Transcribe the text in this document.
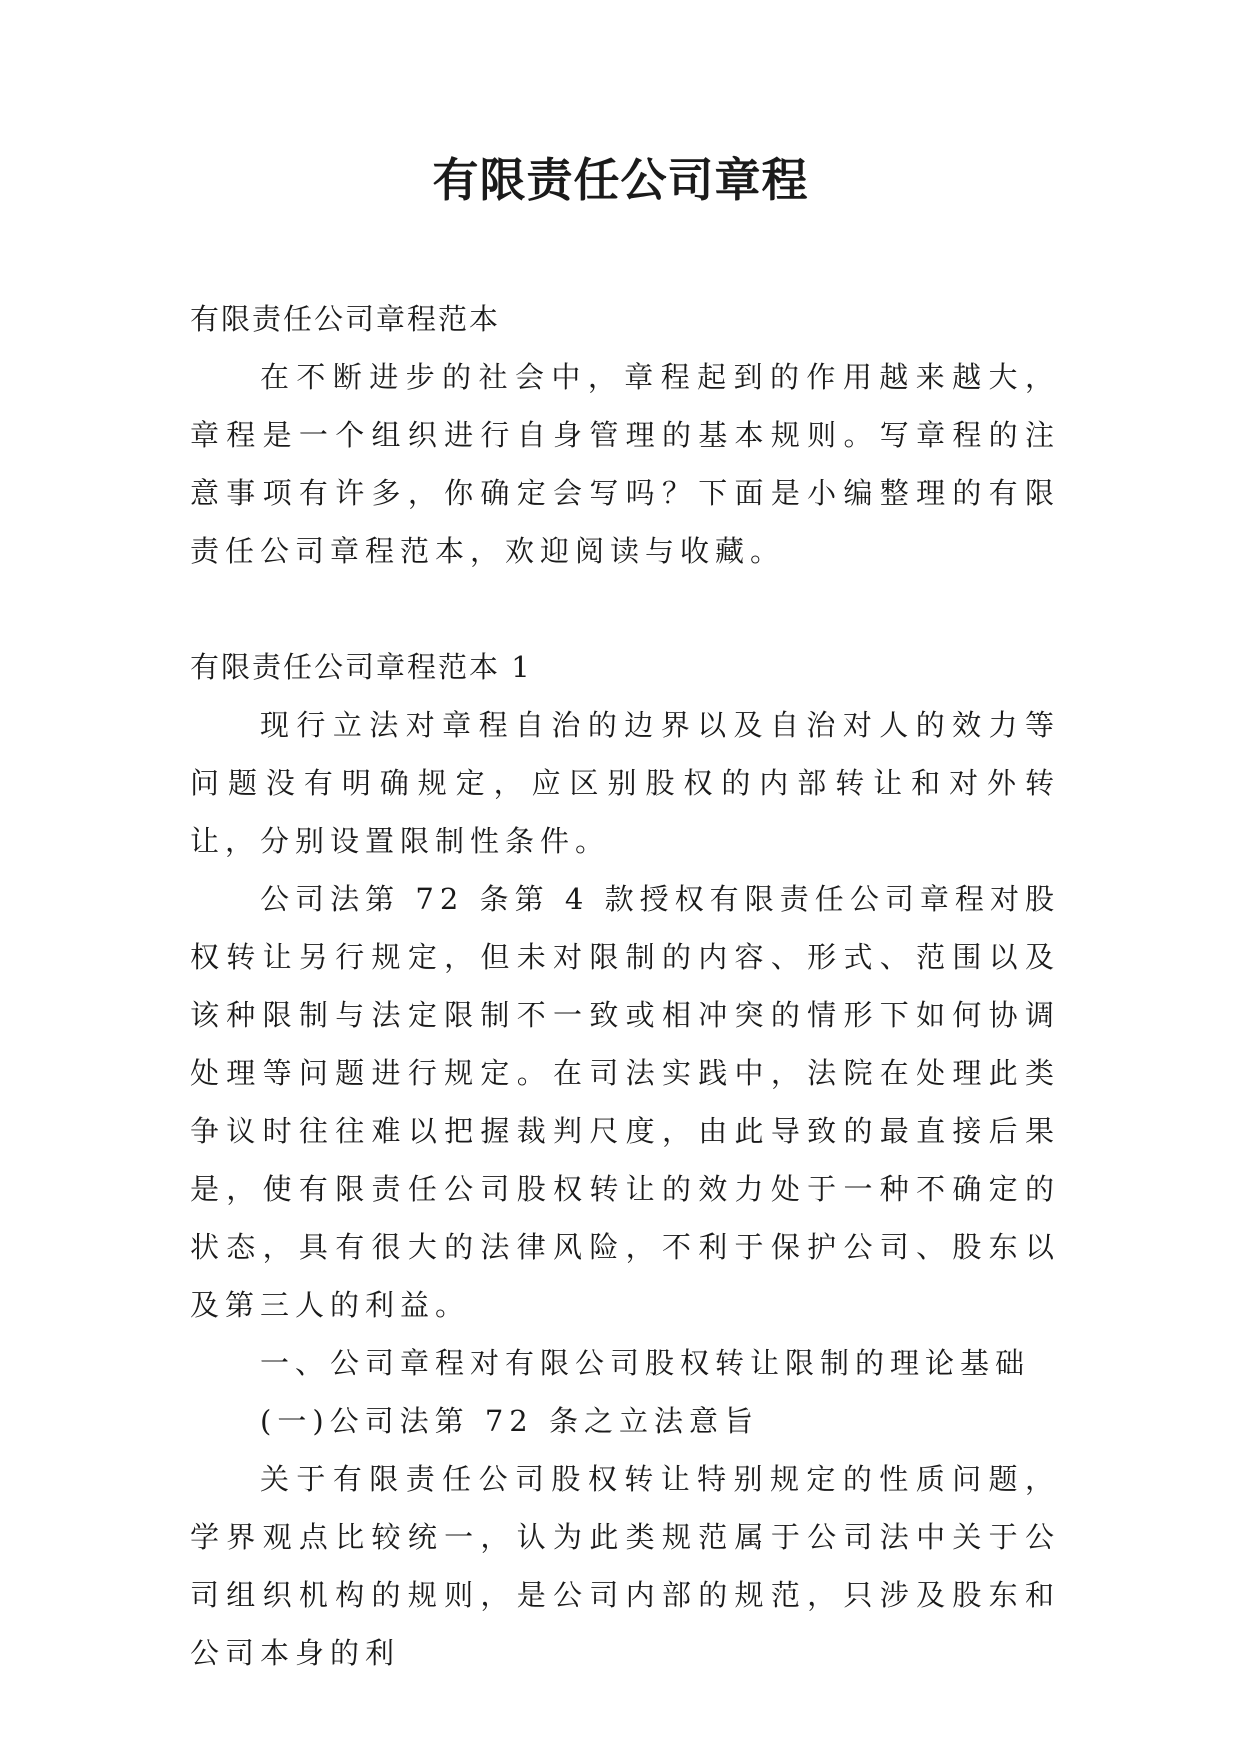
有限责任公司章程

有限责任公司章程范本

在不断进步的社会中，章程起到的作用越来越大，章程是一个组织进行自身管理的基本规则。写章程的注意事项有许多，你确定会写吗？下面是小编整理的有限责任公司章程范本，欢迎阅读与收藏。

有限责任公司章程范本 1

现行立法对章程自治的边界以及自治对人的效力等问题没有明确规定，应区别股权的内部转让和对外转让，分别设置限制性条件。

公司法第 72 条第 4 款授权有限责任公司章程对股权转让另行规定，但未对限制的内容、形式、范围以及该种限制与法定限制不一致或相冲突的情形下如何协调处理等问题进行规定。在司法实践中，法院在处理此类争议时往往难以把握裁判尺度，由此导致的最直接后果是，使有限责任公司股权转让的效力处于一种不确定的状态，具有很大的法律风险，不利于保护公司、股东以及第三人的利益。

一、公司章程对有限公司股权转让限制的理论基础

(一)公司法第 72 条之立法意旨

关于有限责任公司股权转让特别规定的性质问题，学界观点比较统一，认为此类规范属于公司法中关于公司组织机构的规则，是公司内部的规范，只涉及股东和公司本身的利
